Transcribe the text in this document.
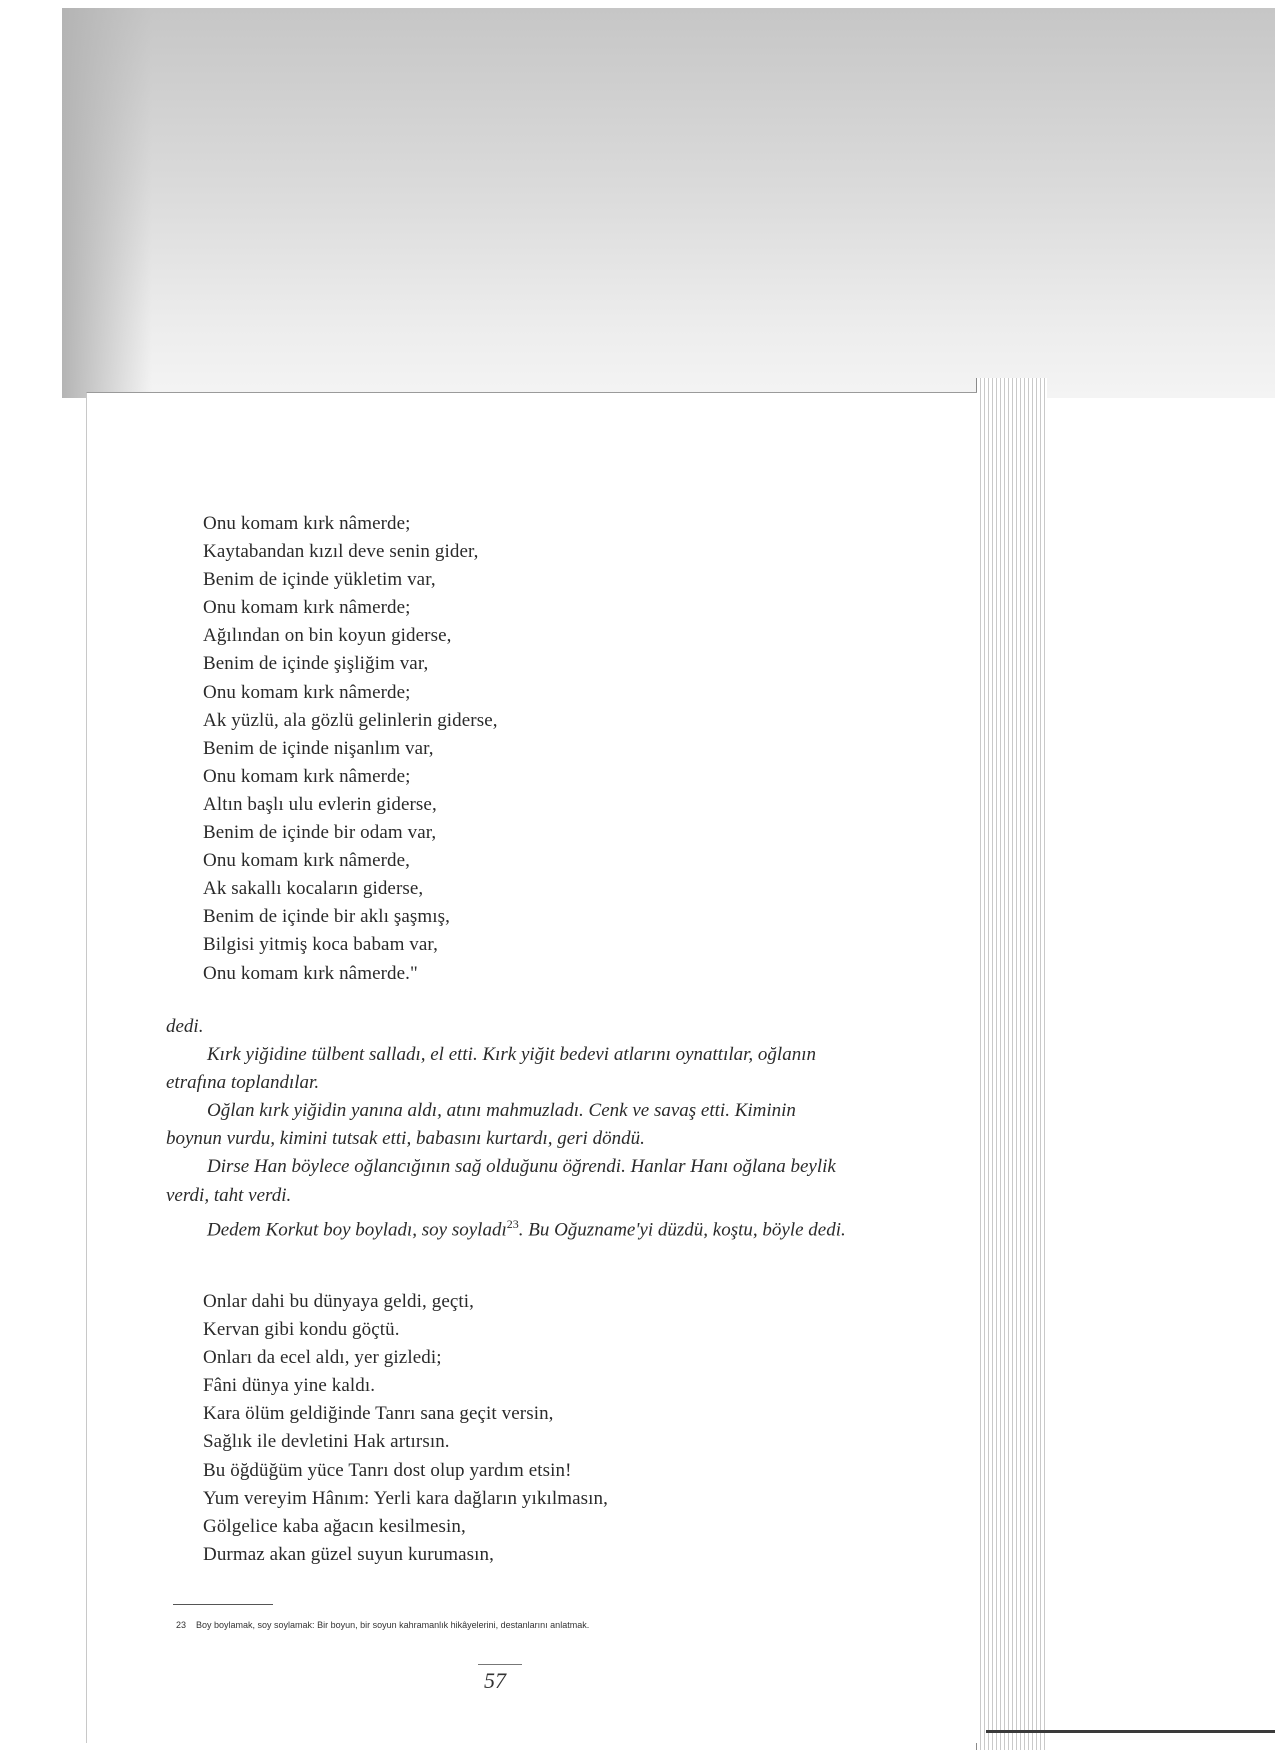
Onu komam kırk nâmerde;
Kaytabandan kızıl deve senin gider,
Benim de içinde yükletim var,
Onu komam kırk nâmerde;
Ağılından on bin koyun giderse,
Benim de içinde şişliğim var,
Onu komam kırk nâmerde;
Ak yüzlü, ala gözlü gelinlerin giderse,
Benim de içinde nişanlım var,
Onu komam kırk nâmerde;
Altın başlı ulu evlerin giderse,
Benim de içinde bir odam var,
Onu komam kırk nâmerde,
Ak sakallı kocaların giderse,
Benim de içinde bir aklı şaşmış,
Bilgisi yitmiş koca babam var,
Onu komam kırk nâmerde."

dedi.

Kırk yiğidine tülbent salladı, el etti. Kırk yiğit bedevi atlarını oynattılar, oğlanın etrafına toplandılar.

Oğlan kırk yiğidin yanına aldı, atını mahmuzladı. Cenk ve savaş etti. Kiminin boynun vurdu, kimini tutsak etti, babasını kurtardı, geri döndü.

Dirse Han böylece oğlancığının sağ olduğunu öğrendi. Hanlar Hanı oğlana beylik verdi, taht verdi.

Dedem Korkut boy boyladı, soy soyladı$^{23}$. Bu Oğuzname'yi düzdü, koştu, böyle dedi.

Onlar dahi bu dünyaya geldi, geçti,
Kervan gibi kondu göçtü.
Onları da ecel aldı, yer gizledi;
Fâni dünya yine kaldı.
Kara ölüm geldiğinde Tanrı sana geçit versin,
Sağlık ile devletini Hak artırsın.
Bu öğdüğüm yüce Tanrı dost olup yardım etsin!
Yum vereyim Hânım: Yerli kara dağların yıkılmasın,
Gölgelice kaba ağacın kesilmesin,
Durmaz akan güzel suyun kurumasın,
23 Boy boylamak, soy soylamak: Bir boyun, bir soyun kahramanlık hikâyelerini, destanlarını anlatmak.
57
